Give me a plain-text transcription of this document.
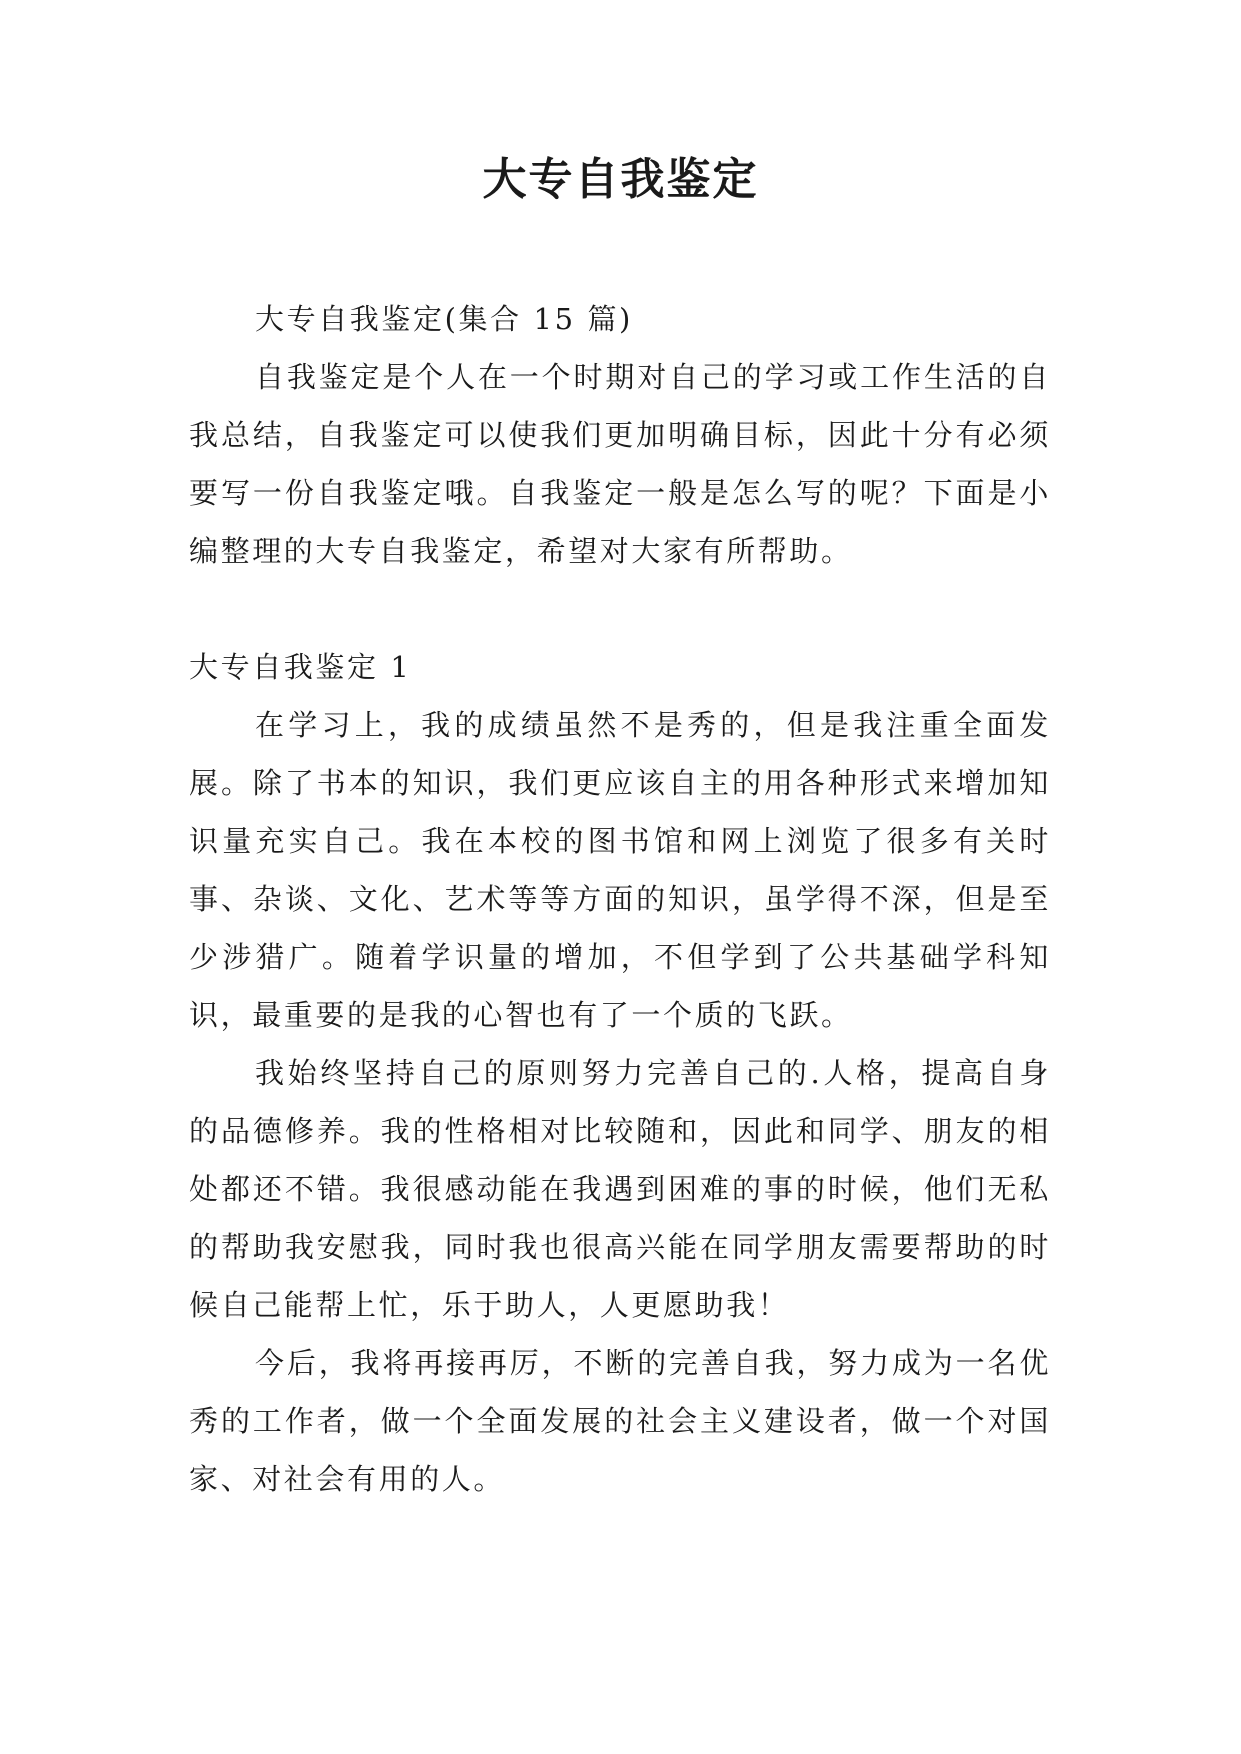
大专自我鉴定

大专自我鉴定(集合 15 篇)

自我鉴定是个人在一个时期对自己的学习或工作生活的自我总结，自我鉴定可以使我们更加明确目标，因此十分有必须要写一份自我鉴定哦。自我鉴定一般是怎么写的呢？下面是小编整理的大专自我鉴定，希望对大家有所帮助。

大专自我鉴定 1

在学习上，我的成绩虽然不是秀的，但是我注重全面发展。除了书本的知识，我们更应该自主的用各种形式来增加知识量充实自己。我在本校的图书馆和网上浏览了很多有关时事、杂谈、文化、艺术等等方面的知识，虽学得不深，但是至少涉猎广。随着学识量的增加，不但学到了公共基础学科知识，最重要的是我的心智也有了一个质的飞跃。

我始终坚持自己的原则努力完善自己的.人格，提高自身的品德修养。我的性格相对比较随和，因此和同学、朋友的相处都还不错。我很感动能在我遇到困难的事的时候，他们无私的帮助我安慰我，同时我也很高兴能在同学朋友需要帮助的时候自己能帮上忙，乐于助人，人更愿助我！

今后，我将再接再厉，不断的完善自我，努力成为一名优秀的工作者，做一个全面发展的社会主义建设者，做一个对国家、对社会有用的人。
